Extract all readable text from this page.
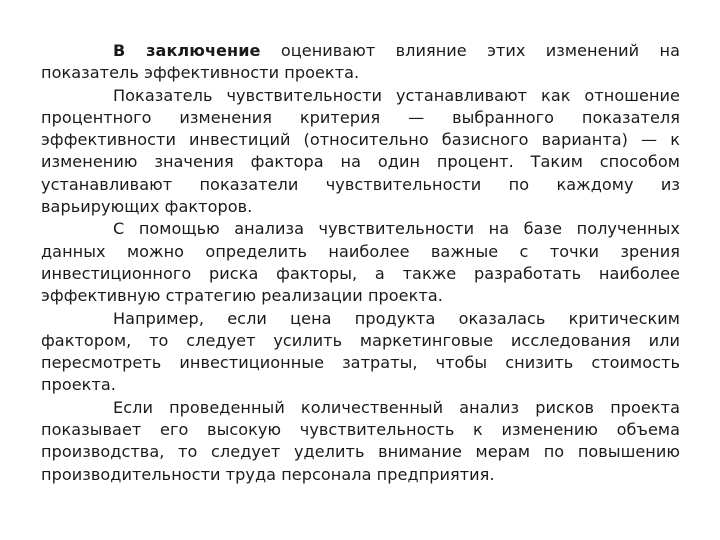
В заключение оценивают влияние этих изменений на показатель эффективности проекта.

Показатель чувствительности устанавливают как отношение процентного изменения критерия — выбранного показателя эффективности инвестиций (относительно базисного варианта) — к изменению значения фактора на один процент. Таким способом устанавливают показатели чувствительности по каждому из варьирующих факторов.

С помощью анализа чувствительности на базе полученных данных можно определить наиболее важные с точки зрения инвестиционного риска факторы, а также разработать наиболее эффективную стратегию реализации проекта.

Например, если цена продукта оказалась критическим фактором, то следует усилить маркетинговые исследования или пересмотреть инвестиционные затраты, чтобы снизить стоимость проекта.

Если проведенный количественный анализ рисков проекта показывает его высокую чувствительность к изменению объема производства, то следует уделить внимание мерам по повышению производительности труда персонала предприятия.
